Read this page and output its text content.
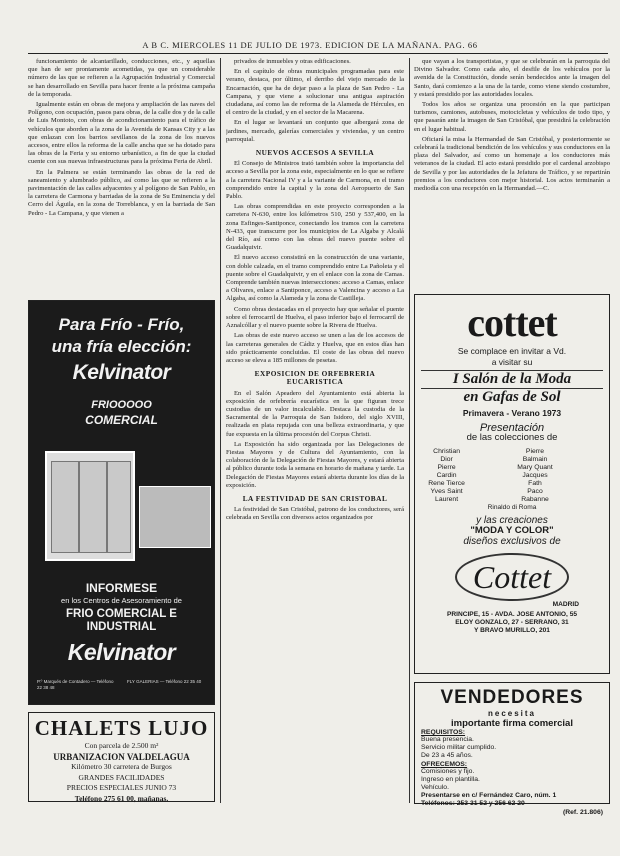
A B C. MIERCOLES 11 DE JULIO DE 1973. EDICION DE LA MAÑANA. PAG. 66

funcionamiento de alcantarillado, conducciones, etc., y aquellas que han de ser prontamente acometidas, ya que un considerable número de las que se refieren a la Agrupación Industrial y Comercial se han desarrollado en Sevilla para hacer frente a la próxima campaña de la temporada.

Igualmente están en obras de mejora y ampliación de las naves del Polígono, con ocupación, pasos para obras, de la calle dos y de la calle de Luis Montoto, con obras de acondicionamiento para el tráfico de vehículos que aborden a la zona de la Avenida de Kansas City y a las que enlazan con los barrios sevillanos de la zona de los nuevos accesos, entre ellos la reforma de la calle ancha que se ha dotado para las obras de la Feria y su entorno urbanístico, a fin de que la ciudad cuente con sus nuevas infraestructuras para la próxima Feria de Abril.

En la Palmera se están terminando las obras de la red de saneamiento y alumbrado público, así como las que se refieren a la pavimentación de las calles adyacentes y al polígono de San Pablo, en la carretera de Carmona y barriadas de la zona de Su Eminencia y del Cerro del Águila, en la zona de Torreblanca, y en la barriada de San Pedro - La Campana, y que vienen a

Para Frío - Frío,
una fría elección:
Kelvinator
FRIOOOOO
COMERCIAL
INFORMESE
en los Centros de Asesoramiento de
FRIO COMERCIAL E INDUSTRIAL
Kelvinator
P.º Marqués de Contadero — Teléfono 22 38 48
FLY GALERIAS — Teléfono 22 35 40
CHALETS LUJO
Con parcela de 2.500 m²
URBANIZACION VALDELAGUA
Kilómetro 30 carretera de Burgos
GRANDES FACILIDADES
PRECIOS ESPECIALES JUNIO 73
Teléfono 275 61 00, mañanas.

privados de inmuebles y otras edificaciones.

En el capítulo de obras municipales programadas para este verano, destaca, por último, el derribo del viejo mercado de la Encarnación, que ha de dejar paso a la plaza de San Pedro - La Campana, y que viene a solucionar una antigua aspiración ciudadana, así como las de reforma de la Alameda de Hércules, en el centro de la ciudad, y en el sector de la Macarena.

En el lugar se levantará un conjunto que albergará zona de jardines, mercado, galerías comerciales y viviendas, y un centro parroquial.

NUEVOS ACCESOS A SEVILLA

El Consejo de Ministros trató también sobre la importancia del acceso a Sevilla por la zona este, especialmente en lo que se refiere a la carretera Nacional IV y a la variante de Carmona, en el tramo comprendido entre la capital y la zona del Aeropuerto de San Pablo.

Las obras comprendidas en este proyecto corresponden a la carretera N-630, entre los kilómetros 510, 250 y 537,400, en la zona Esfinges-Santiponce, conectando los tramos con la carretera N-433, que transcurre por los municipios de La Algaba y Alcalá del Río, así como con las obras del nuevo puente sobre el Guadalquivir.

El nuevo acceso consistirá en la construcción de una variante, con doble calzada, en el tramo comprendido entre La Pañoleta y el puente sobre el Guadalquivir, y en el enlace con la zona de Camas. Comprende también nuevas intersecciones: acceso a Camas, enlace a Olivares, enlace a Santiponce, acceso a Valencina y acceso a La Algaba, así como la Alameda y la zona de Castilleja.

Como obras destacadas en el proyecto hay que señalar el puente sobre el ferrocarril de Huelva, el paso inferior bajo el ferrocarril de Aznalcóllar y el nuevo puente sobre la Rivera de Huelva.

Las obras de este nuevo acceso se unen a las de los accesos de las carreteras generales de Cádiz y Huelva, que en estos días han sido prácticamente concluidas. El coste de las obras del nuevo acceso se eleva a 185 millones de pesetas.

EXPOSICION DE ORFEBRERIA EUCARISTICA

En el Salón Apeadero del Ayuntamiento está abierta la exposición de orfebrería eucarística en la que figuran trece custodias de un valor incalculable. Destaca la custodia de la Sacramental de la Parroquia de San Isidoro, del siglo XVIII, realizada en plata repujada con una belleza extraordinaria, y que fue expuesta en la última procesión del Corpus Christi.

La Exposición ha sido organizada por las Delegaciones de Fiestas Mayores y de Cultura del Ayuntamiento, con la colaboración de la Delegación de Fiestas Mayores, y estará abierta al público durante toda la semana en horario de mañana y tarde. La Delegación de Fiestas Mayores estará abierta durante los días de la exposición.

LA FESTIVIDAD DE SAN CRISTOBAL

La festividad de San Cristóbal, patrono de los conductores, será celebrada en Sevilla con diversos actos organizados por

que vayan a los transportistas, y que se celebrarán en la parroquia del Divino Salvador. Como cada año, el desfile de los vehículos por la avenida de la Constitución, donde serán bendecidos ante la imagen del Santo, dará comienzo a la una de la tarde, como viene siendo costumbre, y estará presidido por las autoridades locales.

Todos los años se organiza una procesión en la que participan turismos, camiones, autobuses, motocicletas y vehículos de todo tipo, y que pasarán ante la imagen de San Cristóbal, que presidirá la celebración en el lugar habitual.

Oficiará la misa la Hermandad de San Cristóbal, y posteriormente se celebrará la tradicional bendición de los vehículos y sus conductores en la plaza del Salvador, así como un homenaje a los conductores más veteranos de la ciudad. El acto estará presidido por el cardenal arzobispo de Sevilla y por las autoridades de la Jefatura de Tráfico, y se repartirán premios a los conductores con mejor historial. Los actos terminarán a mediodía con una recepción en la Hermandad.—C.

cottet
Se complace en invitar a Vd.
a visitar su
I Salón de la Moda
en Gafas de Sol
Primavera - Verano 1973
Presentación
de las colecciones de
Christian Dior
Pierre Cardin
Rene Tierce
Yves Saint Laurent
Pierre Balmain
Mary Quant
Jacques Fath
Paco Rabanne
Rinaldo di Roma
y las creaciones
"MODA Y COLOR"
diseños exclusivos de
Cottet
MADRID
PRINCIPE, 15 - AVDA. JOSE ANTONIO, 55
ELOY GONZALO, 27 - SERRANO, 31
Y BRAVO MURILLO, 201
VENDEDORES
necesita
importante firma comercial
REQUISITOS:
Buena presencia.
Servicio militar cumplido.
De 23 a 45 años.
OFRECEMOS:
Comisiones y fijo.
Ingreso en plantilla.
Vehículo.
Presentarse en c/ Fernández Caro, núm. 1
Teléfonos: 253 31 52 y 256 62 20
(Ref. 21.806)
